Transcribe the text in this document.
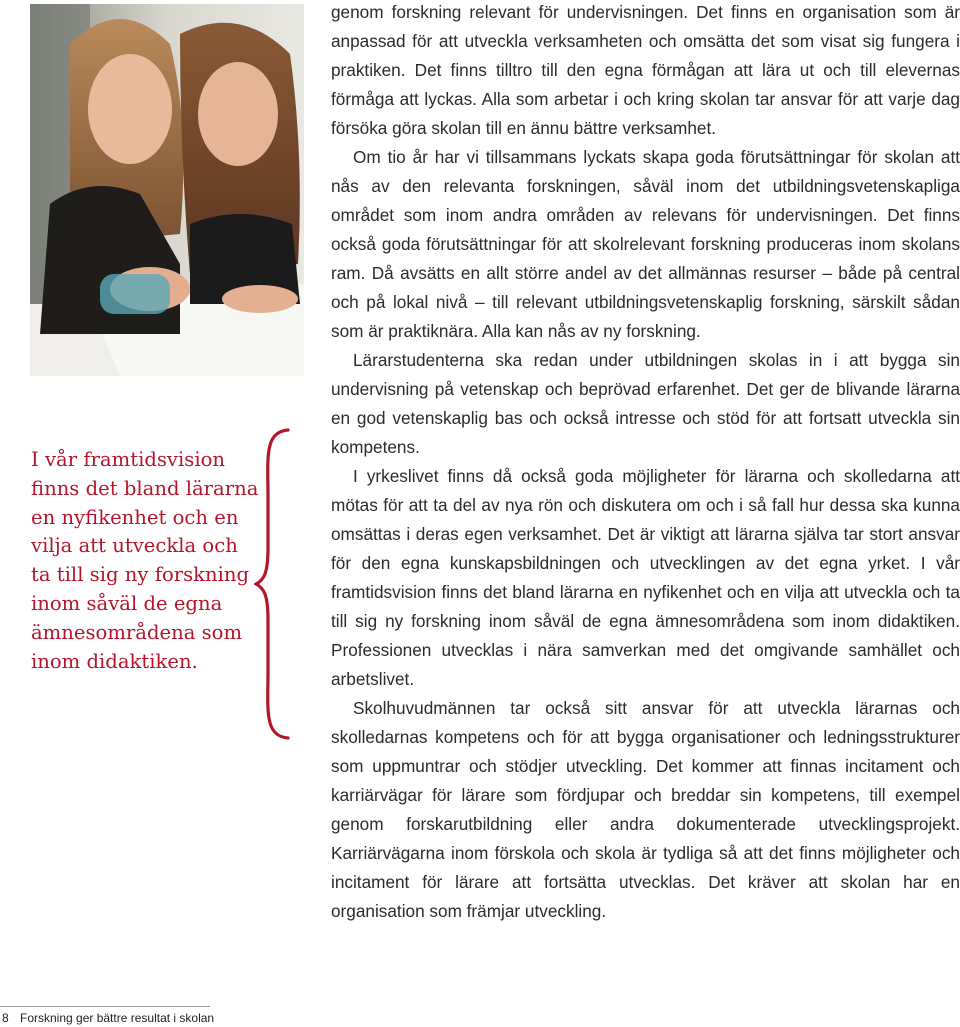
I vår framtidsvision finns det bland lärarna en nyfikenhet och en vilja att utveckla och ta till sig ny forskning inom såväl de egna ämnesområdena som inom didaktiken.

genom forskning relevant för undervisningen. Det finns en organisation som är anpassad för att utveckla verksamheten och omsätta det som visat sig fungera i praktiken. Det finns tilltro till den egna förmågan att lära ut och till elevernas förmåga att lyckas. Alla som arbetar i och kring skolan tar ansvar för att varje dag försöka göra skolan till en ännu bättre verksamhet.

Om tio år har vi tillsammans lyckats skapa goda förutsättningar för skolan att nås av den relevanta forskningen, såväl inom det utbildningsvetenskapliga området som inom andra områden av relevans för undervisningen. Det finns också goda förutsättningar för att skolrelevant forskning produceras inom skolans ram. Då avsätts en allt större andel av det allmännas resurser – både på central och på lokal nivå – till relevant utbildningsvetenskaplig forskning, särskilt sådan som är praktiknära. Alla kan nås av ny forskning.

Lärarstudenterna ska redan under utbildningen skolas in i att bygga sin undervisning på vetenskap och beprövad erfarenhet. Det ger de blivande lärarna en god vetenskaplig bas och också intresse och stöd för att fortsatt utveckla sin kompetens.

I yrkeslivet finns då också goda möjligheter för lärarna och skolledarna att mötas för att ta del av nya rön och diskutera om och i så fall hur dessa ska kunna omsättas i deras egen verksamhet. Det är viktigt att lärarna själva tar stort ansvar för den egna kunskapsbildningen och utvecklingen av det egna yrket. I vår framtidsvision finns det bland lärarna en nyfikenhet och en vilja att utveckla och ta till sig ny forskning inom såväl de egna ämnesområdena som inom didaktiken. Professionen utvecklas i nära samverkan med det omgivande samhället och arbetslivet.

Skolhuvudmännen tar också sitt ansvar för att utveckla lärarnas och skolledarnas kompetens och för att bygga organisationer och ledningsstrukturer som uppmuntrar och stödjer utveckling. Det kommer att finnas incitament och karriärvägar för lärare som fördjupar och breddar sin kompetens, till exempel genom forskarutbildning eller andra dokumenterade utvecklingsprojekt. Karriärvägarna inom förskola och skola är tydliga så att det finns möjligheter och incitament för lärare att fortsätta utvecklas. Det kräver att skolan har en organisation som främjar utveckling.

8 Forskning ger bättre resultat i skolan
